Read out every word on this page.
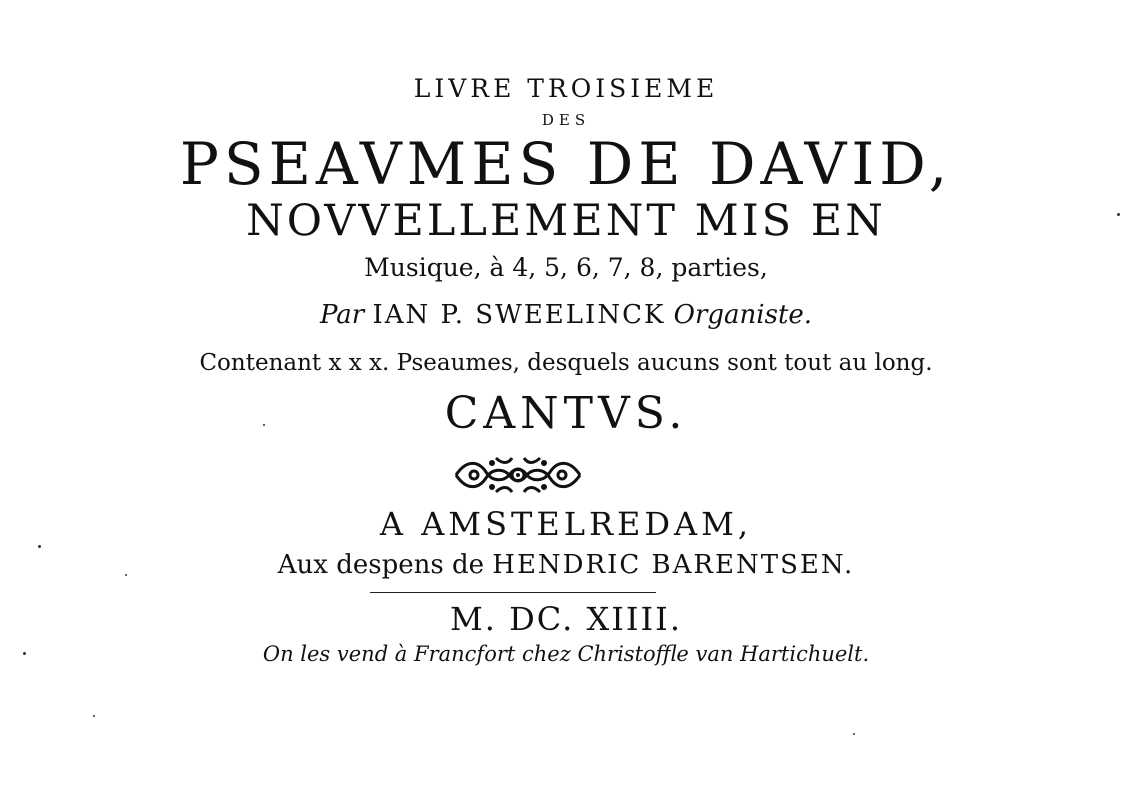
LIVRE TROISIEME
DES
PSEAVMES DE DAVID,
NOVVELLEMENT MIS EN
Musique, à 4, 5, 6, 7, 8, parties,
Par IAN P. SWEELINCK Organiste.
Contenant x x x. Pseaumes, desquels aucuns sont tout au long.
CANTVS.
A AMSTELREDAM,
Aux despens de HENDRIC BARENTSEN.
M. DC. XIIII.
On les vend à Francfort chez Christoffle van Hartichuelt.
